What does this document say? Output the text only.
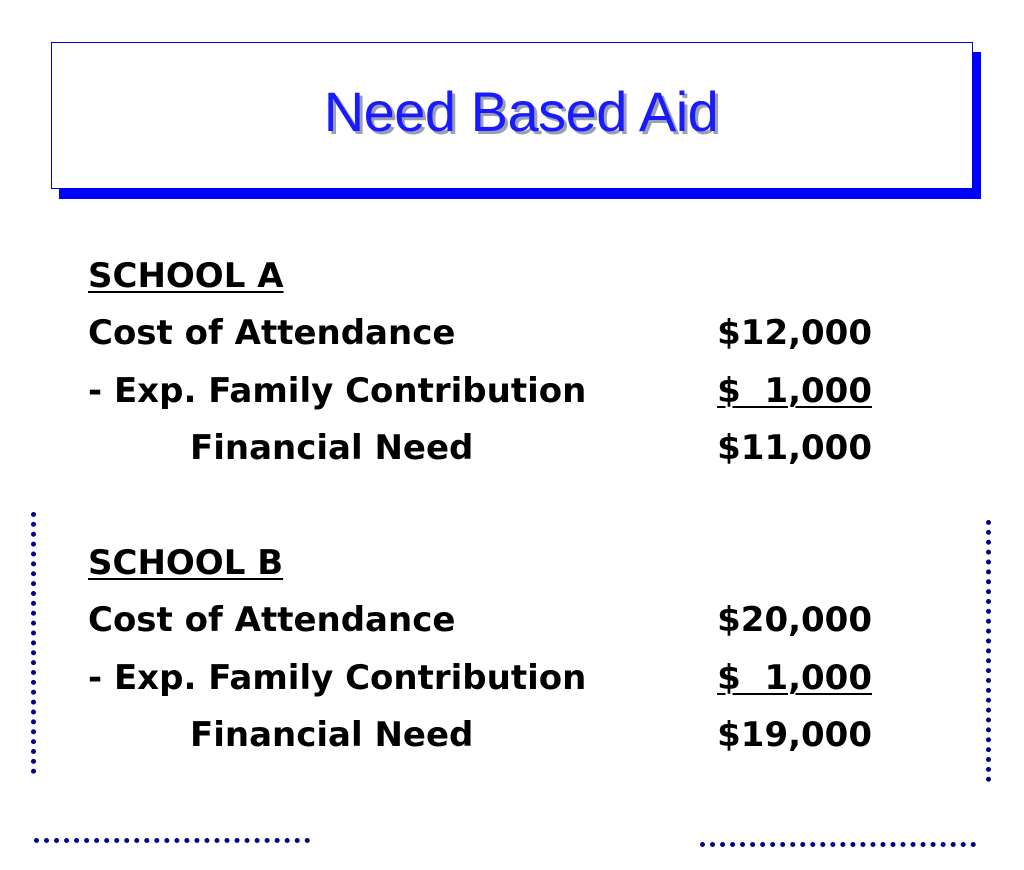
Need Based Aid
SCHOOL A
Cost of Attendance	$12,000
- Exp. Family Contribution	$  1,000
Financial Need	$11,000
SCHOOL B
Cost of Attendance	$20,000
- Exp. Family Contribution	$  1,000
Financial Need	$19,000
